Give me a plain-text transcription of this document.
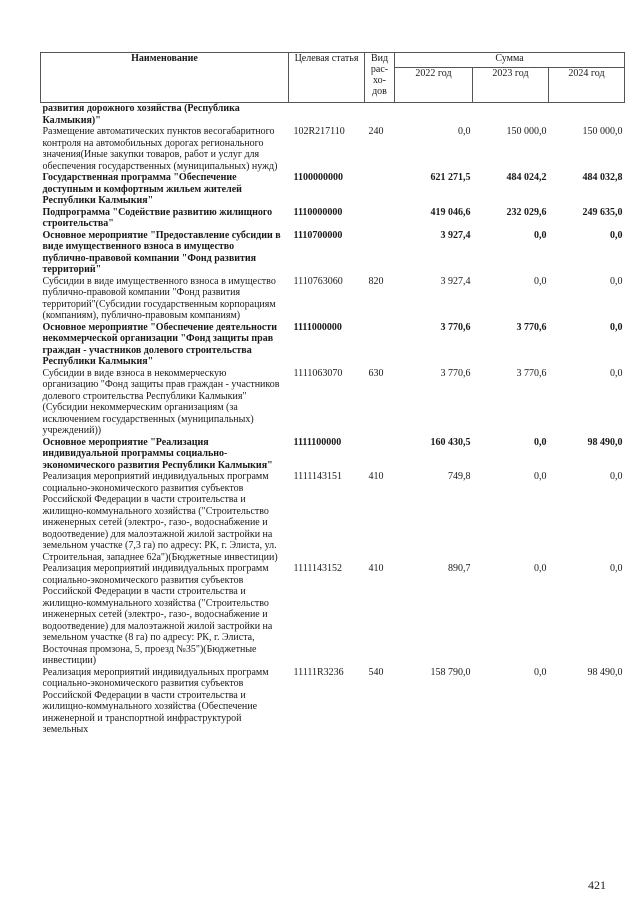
Наименование	Целевая статья	Вид рас-хо-дов	Сумма		
			2022 год	2023 год	2024 год
развития дорожного хозяйства (Республика Калмыкия)"					
Размещение автоматических пунктов весогабаритного контроля на автомобильных дорогах регионального значения(Иные закупки товаров, работ и услуг для обеспечения государственных (муниципальных) нужд)	102R217110	240	0,0	150 000,0	150 000,0
Государственная программа "Обеспечение доступным и комфортным жильем жителей Республики Калмыкия"	1100000000		621 271,5	484 024,2	484 032,8
Подпрограмма "Содействие развитию жилищного строительства"	1110000000		419 046,6	232 029,6	249 635,0
Основное мероприятие "Предоставление субсидии в виде имущественного взноса в имущество публично-правовой компании "Фонд развития территорий"	1110700000		3 927,4	0,0	0,0
Субсидии в виде имущественного взноса в имущество публично-правовой компании "Фонд развития территорий"(Субсидии государственным корпорациям (компаниям), публично-правовым компаниям)	1110763060	820	3 927,4	0,0	0,0
Основное мероприятие "Обеспечение деятельности некоммерческой организации "Фонд защиты прав граждан - участников долевого строительства Республики Калмыкия"	1111000000		3 770,6	3 770,6	0,0
Субсидии в виде взноса в некоммерческую организацию "Фонд защиты прав граждан - участников долевого строительства Республики Калмыкия"(Субсидии некоммерческим организациям (за исключением государственных (муниципальных) учреждений))	1111063070	630	3 770,6	3 770,6	0,0
Основное мероприятие "Реализация индивидуальной программы социально-экономического развития Республики Калмыкия"	1111100000		160 430,5	0,0	98 490,0
Реализация мероприятий индивидуальных программ социально-экономического развития субъектов Российской Федерации в части строительства и жилищно-коммунального хозяйства ("Строительство инженерных сетей (электро-, газо-, водоснабжение и водоотведение) для малоэтажной жилой застройки на земельном участке (7,3 га) по адресу: РК, г. Элиста, ул. Строительная, западнее 62а")(Бюджетные инвестиции)	1111143151	410	749,8	0,0	0,0
Реализация мероприятий индивидуальных программ социально-экономического развития субъектов Российской Федерации в части строительства и жилищно-коммунального хозяйства ("Строительство инженерных сетей (электро-, газо-, водоснабжение и водоотведение) для малоэтажной жилой застройки на земельном участке (8 га) по адресу: РК, г. Элиста, Восточная промзона, 5, проезд №35")(Бюджетные инвестиции)	1111143152	410	890,7	0,0	0,0
Реализация мероприятий индивидуальных программ социально-экономического развития субъектов Российской Федерации в части строительства и жилищно-коммунального хозяйства (Обеспечение инженерной и транспортной инфраструктурой земельных	11111R3236	540	158 790,0	0,0	98 490,0
421
